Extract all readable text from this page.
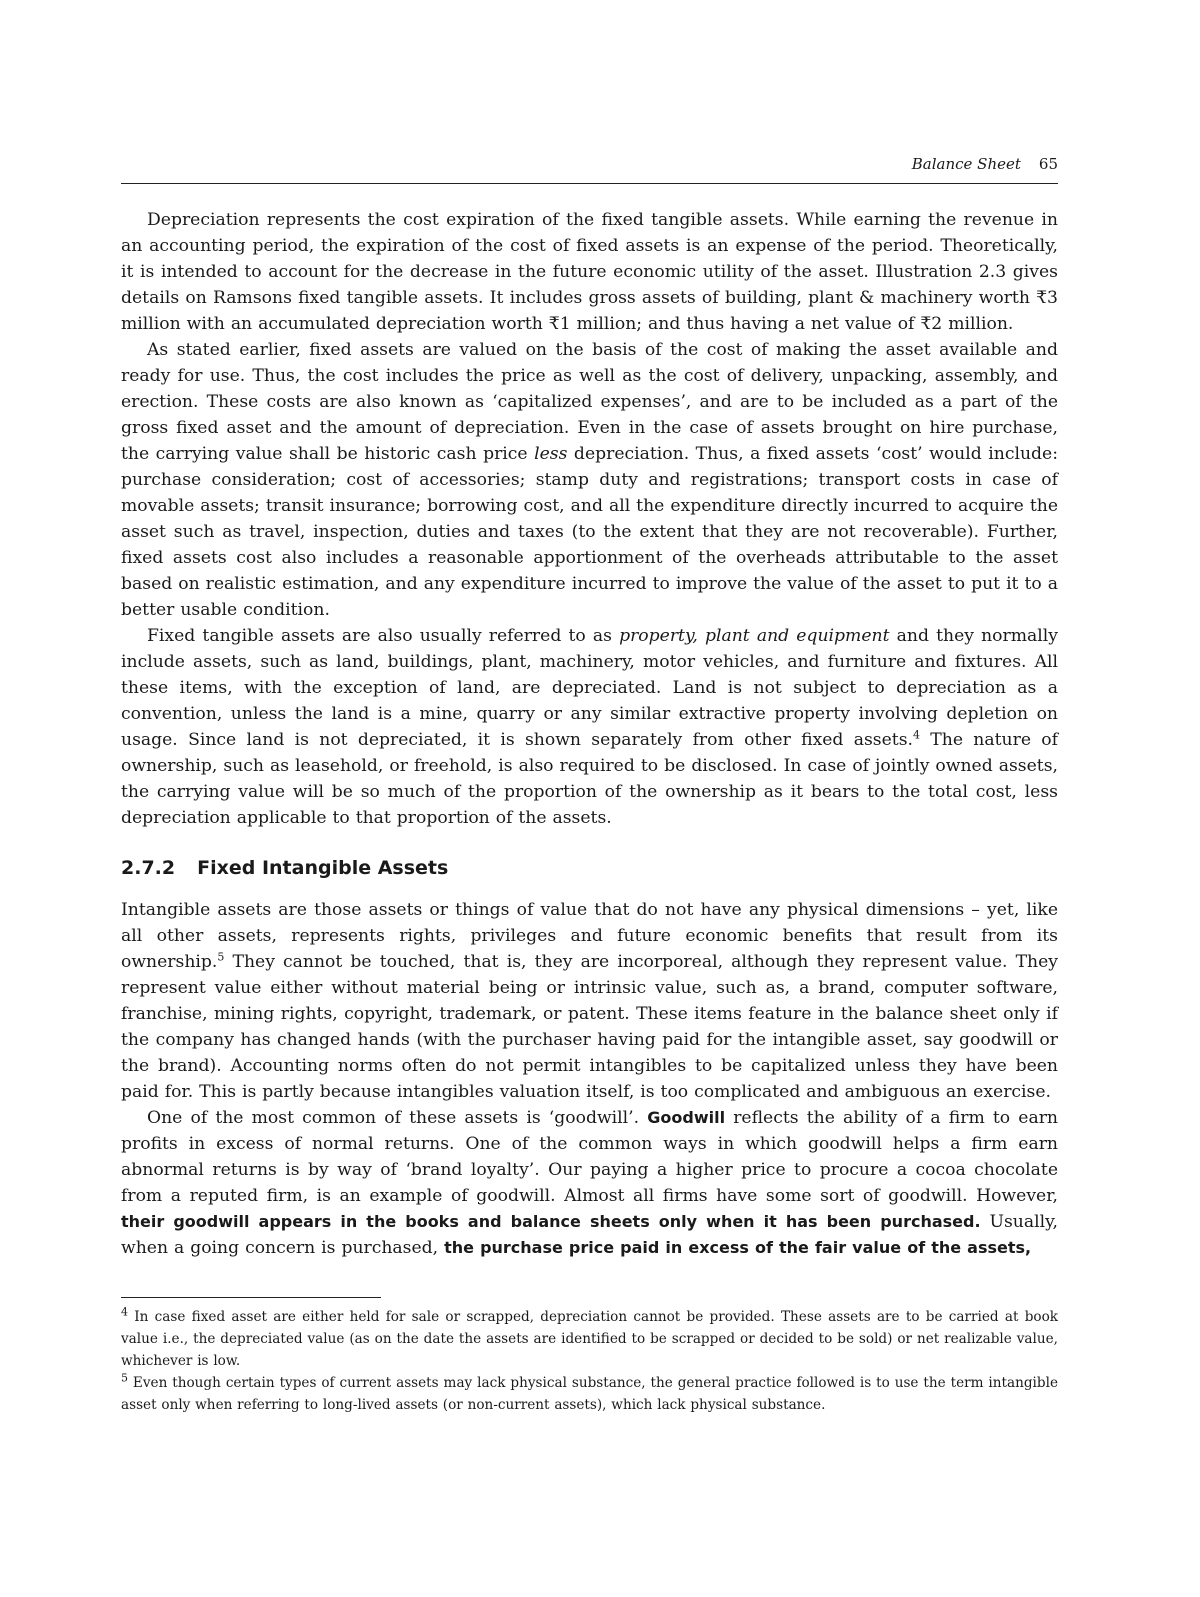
Balance Sheet 65

Depreciation represents the cost expiration of the fixed tangible assets. While earning the revenue in an accounting period, the expiration of the cost of fixed assets is an expense of the period. Theoretically, it is intended to account for the decrease in the future economic utility of the asset. Illustration 2.3 gives details on Ramsons fixed tangible assets. It includes gross assets of building, plant & machinery worth ₹3 million with an accumulated depreciation worth ₹1 million; and thus having a net value of ₹2 million.

As stated earlier, fixed assets are valued on the basis of the cost of making the asset available and ready for use. Thus, the cost includes the price as well as the cost of delivery, unpacking, assembly, and erection. These costs are also known as ‘capitalized expenses’, and are to be included as a part of the gross fixed asset and the amount of depreciation. Even in the case of assets brought on hire purchase, the carrying value shall be historic cash price less depreciation. Thus, a fixed assets ‘cost’ would include: purchase consideration; cost of accessories; stamp duty and registrations; transport costs in case of movable assets; transit insurance; borrowing cost, and all the expenditure directly incurred to acquire the asset such as travel, inspection, duties and taxes (to the extent that they are not recoverable). Further, fixed assets cost also includes a reasonable apportionment of the overheads attributable to the asset based on realistic estimation, and any expenditure incurred to improve the value of the asset to put it to a better usable condition.

Fixed tangible assets are also usually referred to as property, plant and equipment and they normally include assets, such as land, buildings, plant, machinery, motor vehicles, and furniture and fixtures. All these items, with the exception of land, are depreciated. Land is not subject to depreciation as a convention, unless the land is a mine, quarry or any similar extractive property involving depletion on usage. Since land is not depreciated, it is shown separately from other fixed assets.$^4$ The nature of ownership, such as leasehold, or freehold, is also required to be disclosed. In case of jointly owned assets, the carrying value will be so much of the proportion of the ownership as it bears to the total cost, less depreciation applicable to that proportion of the assets.

2.7.2 Fixed Intangible Assets

Intangible assets are those assets or things of value that do not have any physical dimensions – yet, like all other assets, represents rights, privileges and future economic benefits that result from its ownership.$^5$ They cannot be touched, that is, they are incorporeal, although they represent value. They represent value either without material being or intrinsic value, such as, a brand, computer software, franchise, mining rights, copyright, trademark, or patent. These items feature in the balance sheet only if the company has changed hands (with the purchaser having paid for the intangible asset, say goodwill or the brand). Accounting norms often do not permit intangibles to be capitalized unless they have been paid for. This is partly because intangibles valuation itself, is too complicated and ambiguous an exercise.

One of the most common of these assets is ‘goodwill’. Goodwill reflects the ability of a firm to earn profits in excess of normal returns. One of the common ways in which goodwill helps a firm earn abnormal returns is by way of ‘brand loyalty’. Our paying a higher price to procure a cocoa chocolate from a reputed firm, is an example of goodwill. Almost all firms have some sort of goodwill. However, their goodwill appears in the books and balance sheets only when it has been purchased. Usually, when a going concern is purchased, the purchase price paid in excess of the fair value of the assets,

$^4$ In case fixed asset are either held for sale or scrapped, depreciation cannot be provided. These assets are to be carried at book value i.e., the depreciated value (as on the date the assets are identified to be scrapped or decided to be sold) or net realizable value, whichever is low.

$^5$ Even though certain types of current assets may lack physical substance, the general practice followed is to use the term intangible asset only when referring to long-lived assets (or non-current assets), which lack physical substance.
